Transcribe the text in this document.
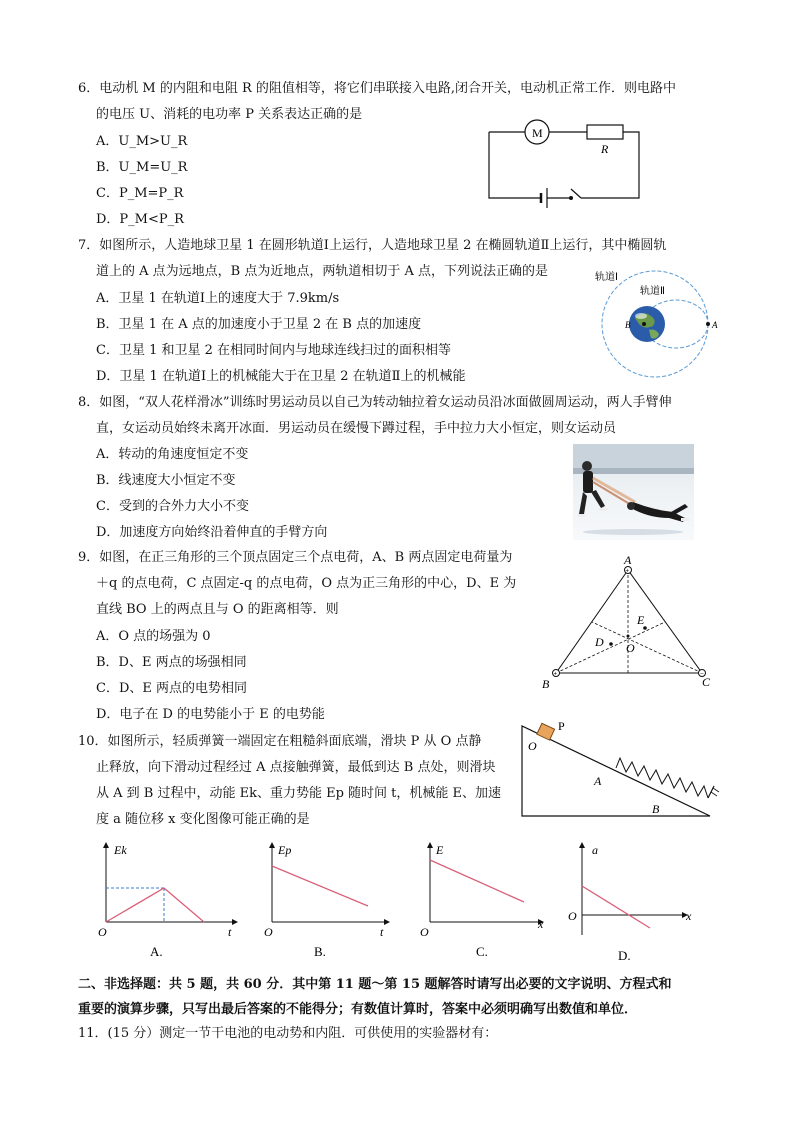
6．电动机 M 的内阻和电阻 R 的阻值相等，将它们串联接入电路,闭合开关，电动机正常工作．则电路中
的电压 U、消耗的电功率 P 关系表达正确的是
A．U_M>U_R
B．U_M=U_R
C．P_M=P_R
D．P_M<P_R
M
R
7．如图所示，人造地球卫星 1 在圆形轨道Ⅰ上运行，人造地球卫星 2 在椭圆轨道Ⅱ上运行，其中椭圆轨
道上的 A 点为远地点，B 点为近地点，两轨道相切于 A 点，下列说法正确的是
A．卫星 1 在轨道Ⅰ上的速度大于 7.9km/s
B．卫星 1 在 A 点的加速度小于卫星 2 在 B 点的加速度
C．卫星 1 和卫星 2 在相同时间内与地球连线扫过的面积相等
D．卫星 1 在轨道Ⅰ上的机械能大于在卫星 2 在轨道Ⅱ上的机械能
轨道Ⅰ
轨道Ⅱ
B	A
8．如图，“双人花样滑冰”训练时男运动员以自己为转动轴拉着女运动员沿冰面做圆周运动，两人手臂伸
直，女运动员始终未离开冰面．男运动员在缓慢下蹲过程，手中拉力大小恒定，则女运动员
A．转动的角速度恒定不变
B．线速度大小恒定不变
C．受到的合外力大小不变
D．加速度方向始终沿着伸直的手臂方向
9．如图，在正三角形的三个顶点固定三个点电荷，A、B 两点固定电荷量为
＋q 的点电荷，C 点固定-q 的点电荷，O 点为正三角形的中心，D、E 为
直线 BO 上的两点且与 O 的距离相等．则
A．O 点的场强为 0
B．D、E 两点的场强相同
C．D、E 两点的电势相同
D．电子在 D 的电势能小于 E 的电势能
+
+	−
A
B	C
D
E
O
10．如图所示，轻质弹簧一端固定在粗糙斜面底端，滑块 P 从 O 点静
止释放，向下滑动过程经过 A 点接触弹簧，最低到达 B 点处，则滑块
从 A 到 B 过程中，动能 Ek、重力势能 Ep 随时间 t，机械能 E、加速
度 a 随位移 x 变化图像可能正确的是
P
O
A
B
Ek
t
O
A.
Ep
t
O
B.
E
x
O
C.
a
x
O
D.
二、非选择题：共 5 题，共 60 分．其中第 11 题～第 15 题解答时请写出必要的文字说明、方程式和
重要的演算步骤，只写出最后答案的不能得分；有数值计算时，答案中必须明确写出数值和单位．
11．(15 分）测定一节干电池的电动势和内阻．可供使用的实验器材有：
